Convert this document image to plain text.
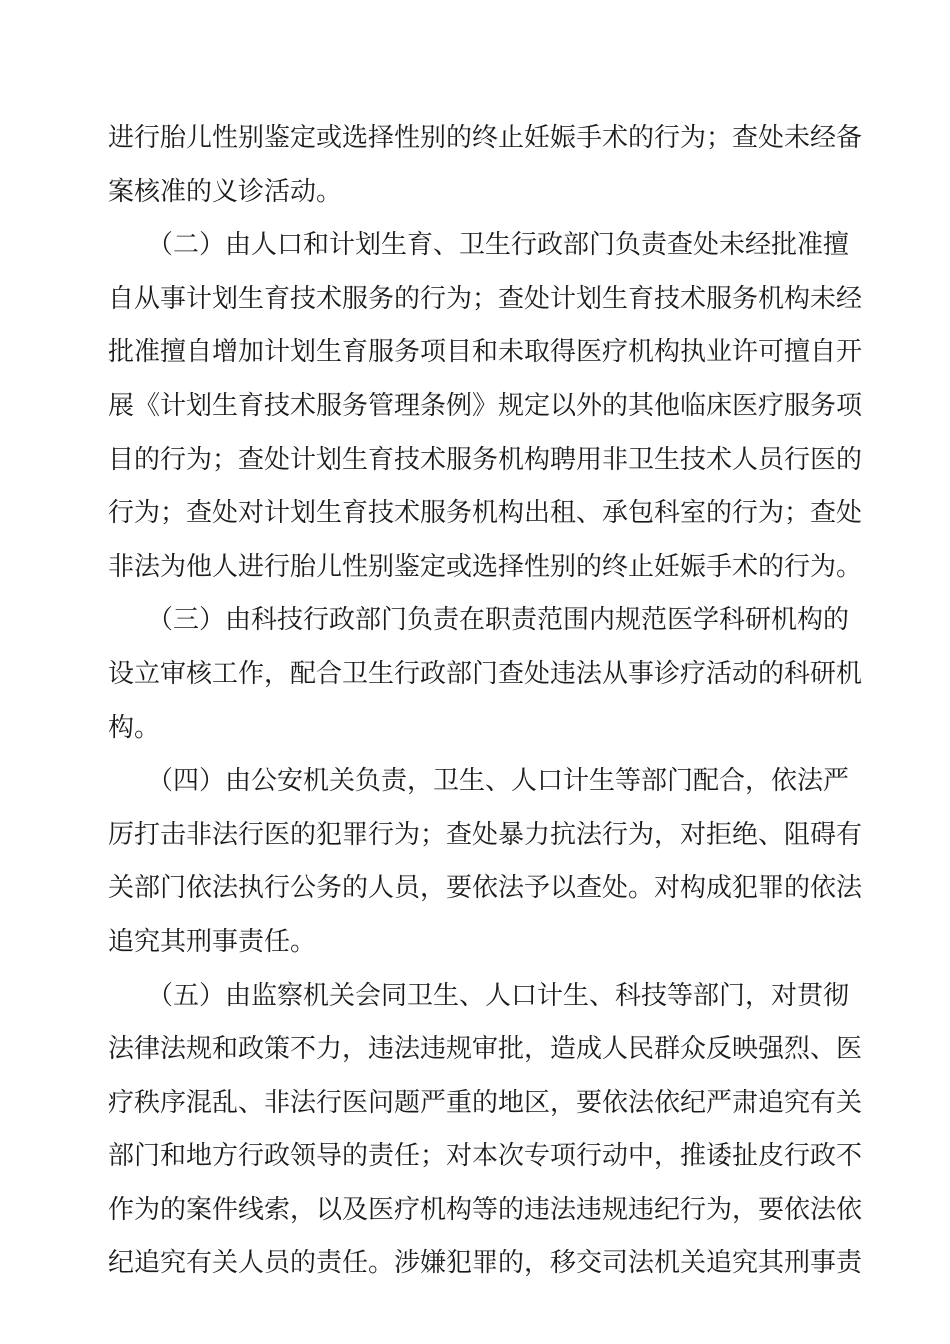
进行胎儿性别鉴定或选择性别的终止妊娠手术的行为；查处未经备
案核准的义诊活动。

　　（二）由人口和计划生育、卫生行政部门负责查处未经批准擅
自从事计划生育技术服务的行为；查处计划生育技术服务机构未经
批准擅自增加计划生育服务项目和未取得医疗机构执业许可擅自开
展《计划生育技术服务管理条例》规定以外的其他临床医疗服务项
目的行为；查处计划生育技术服务机构聘用非卫生技术人员行医的
行为；查处对计划生育技术服务机构出租、承包科室的行为；查处
非法为他人进行胎儿性别鉴定或选择性别的终止妊娠手术的行为。

　　（三）由科技行政部门负责在职责范围内规范医学科研机构的
设立审核工作，配合卫生行政部门查处违法从事诊疗活动的科研机
构。

　　（四）由公安机关负责，卫生、人口计生等部门配合，依法严
厉打击非法行医的犯罪行为；查处暴力抗法行为，对拒绝、阻碍有
关部门依法执行公务的人员，要依法予以查处。对构成犯罪的依法
追究其刑事责任。

　　（五）由监察机关会同卫生、人口计生、科技等部门，对贯彻
法律法规和政策不力，违法违规审批，造成人民群众反映强烈、医
疗秩序混乱、非法行医问题严重的地区，要依法依纪严肃追究有关
部门和地方行政领导的责任；对本次专项行动中，推诿扯皮行政不
作为的案件线索，以及医疗机构等的违法违规违纪行为，要依法依
纪追究有关人员的责任。涉嫌犯罪的，移交司法机关追究其刑事责
